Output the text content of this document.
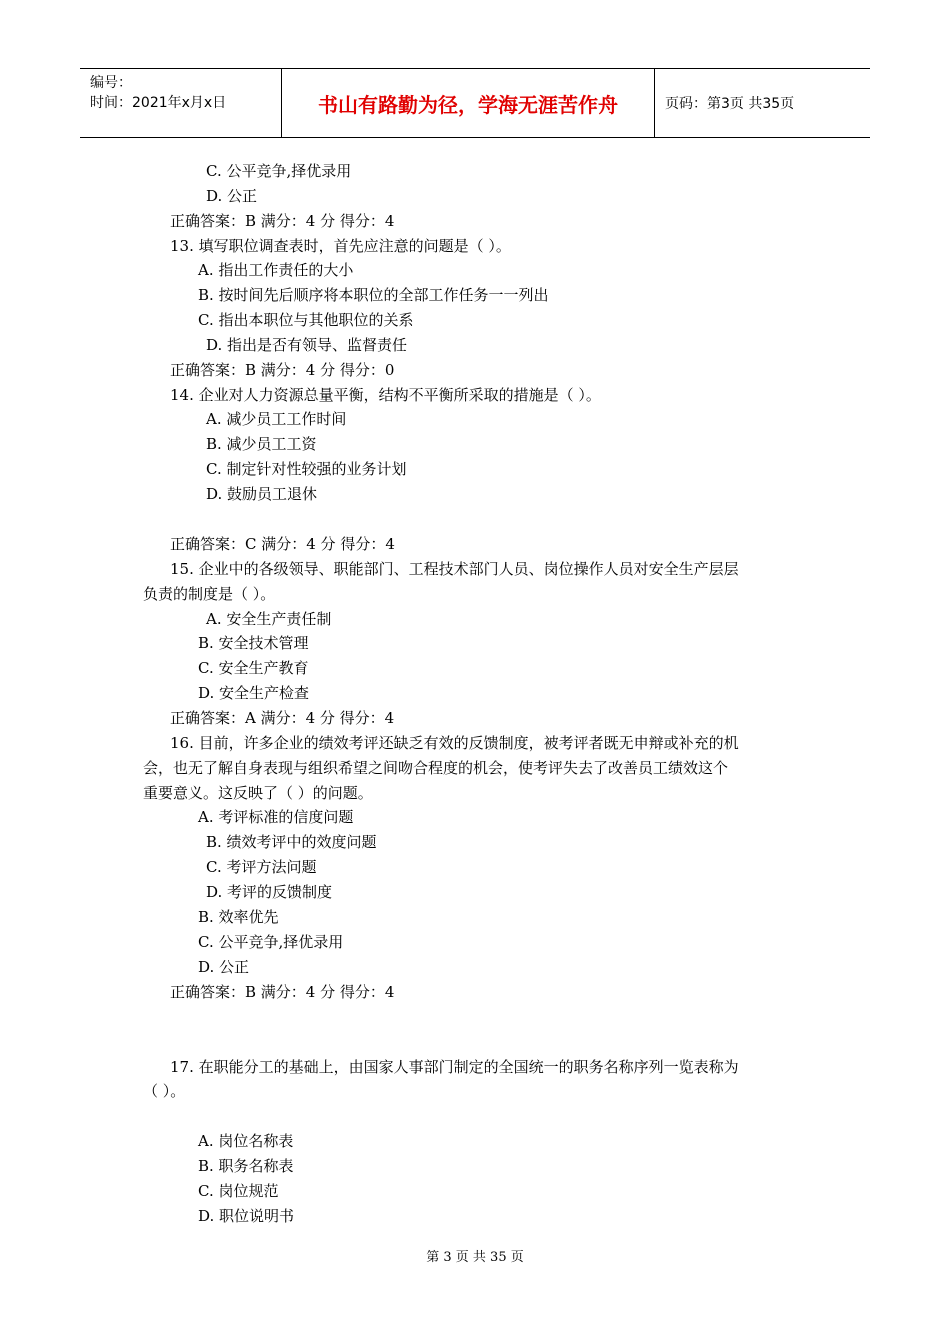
编号：
时间：2021年x月x日	书山有路勤为径，学海无涯苦作舟	页码：第3页 共35页
C. 公平竞争,择优录用
D. 公正
正确答案：B 满分：4 分 得分：4
13. 填写职位调查表时，首先应注意的问题是（ ）。
A. 指出工作责任的大小
B. 按时间先后顺序将本职位的全部工作任务一一列出
C. 指出本职位与其他职位的关系
D. 指出是否有领导、监督责任
正确答案：B 满分：4 分 得分：0
14. 企业对人力资源总量平衡，结构不平衡所采取的措施是（ ）。
A. 减少员工工作时间
B. 减少员工工资
C. 制定针对性较强的业务计划
D. 鼓励员工退休
正确答案：C 满分：4 分 得分：4
15. 企业中的各级领导、职能部门、工程技术部门人员、岗位操作人员对安全生产层层
负责的制度是（ ）。
A. 安全生产责任制
B. 安全技术管理
C. 安全生产教育
D. 安全生产检查
正确答案：A 满分：4 分 得分：4
16. 目前，许多企业的绩效考评还缺乏有效的反馈制度，被考评者既无申辩或补充的机
会，也无了解自身表现与组织希望之间吻合程度的机会，使考评失去了改善员工绩效这个
重要意义。这反映了（ ）的问题。
A. 考评标准的信度问题
B. 绩效考评中的效度问题
C. 考评方法问题
D. 考评的反馈制度
B. 效率优先
C. 公平竞争,择优录用
D. 公正
正确答案：B 满分：4 分 得分：4
17. 在职能分工的基础上，由国家人事部门制定的全国统一的职务名称序列一览表称为
（ ）。
A. 岗位名称表
B. 职务名称表
C. 岗位规范
D. 职位说明书
第 3 页 共 35 页
